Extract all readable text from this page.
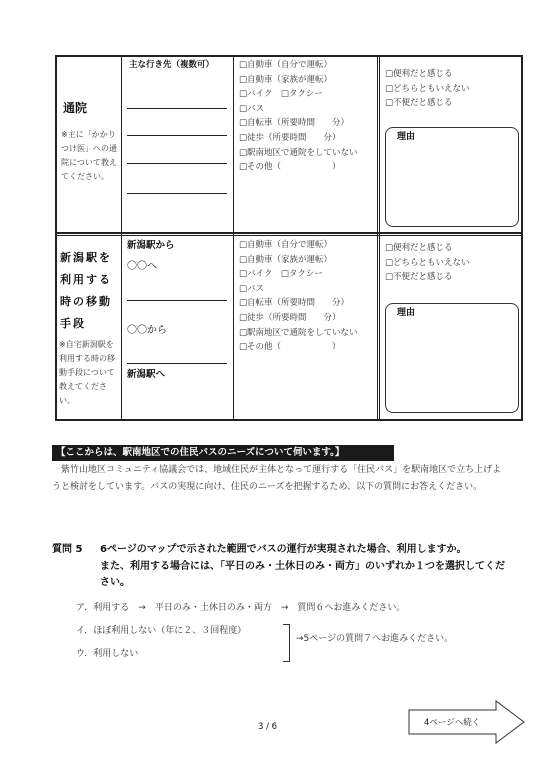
通院
※主に「かかりつけ医」への通院について教えてください。
主な行き先（複数可）	□自動車（自分で運転）
□自動車（家族が運転）
□バイク　□タクシー
□バス
□自転車（所要時間　　分）
□徒歩（所要時間　　分）
□駅南地区で通院をしていない
□その他（　　　　　　）
□便利だと感じる
□どちらともいえない
□不便だと感じる
理由
新潟駅を
利用する
時の移動
手段
※自宅新潟駅を利用する時の移動手段について教えてください。
新潟駅から
〇〇へ
〇〇から
新潟駅へ
□自動車（自分で運転）
□自動車（家族が運転）
□バイク　□タクシー
□バス
□自転車（所要時間　　分）
□徒歩（所要時間　　分）
□駅南地区で通院をしていない
□その他（　　　　　　）
□便利だと感じる
□どちらともいえない
□不便だと感じる
理由
【ここからは、駅南地区での住民バスのニーズについて伺います。】
紫竹山地区コミュニティ協議会では、地域住民が主体となって運行する「住民バス」を駅南地区で立ち上げようと検討をしています。バスの実現に向け、住民のニーズを把握するため、以下の質問にお答えください。
質問 5 6ページのマップで示された範囲でバスの運行が実現された場合、利用しますか。
また、利用する場合には、「平日のみ・土休日のみ・両方」のいずれか１つを選択してください。
ア．利用する　→　平日のみ・土休日のみ・両方　→　質問６へお進みください。
イ．ほぼ利用しない（年に２、３回程度）
ウ．利用しない
→5ページの質問７へお進みください。
3 / 6	4ページへ続く
